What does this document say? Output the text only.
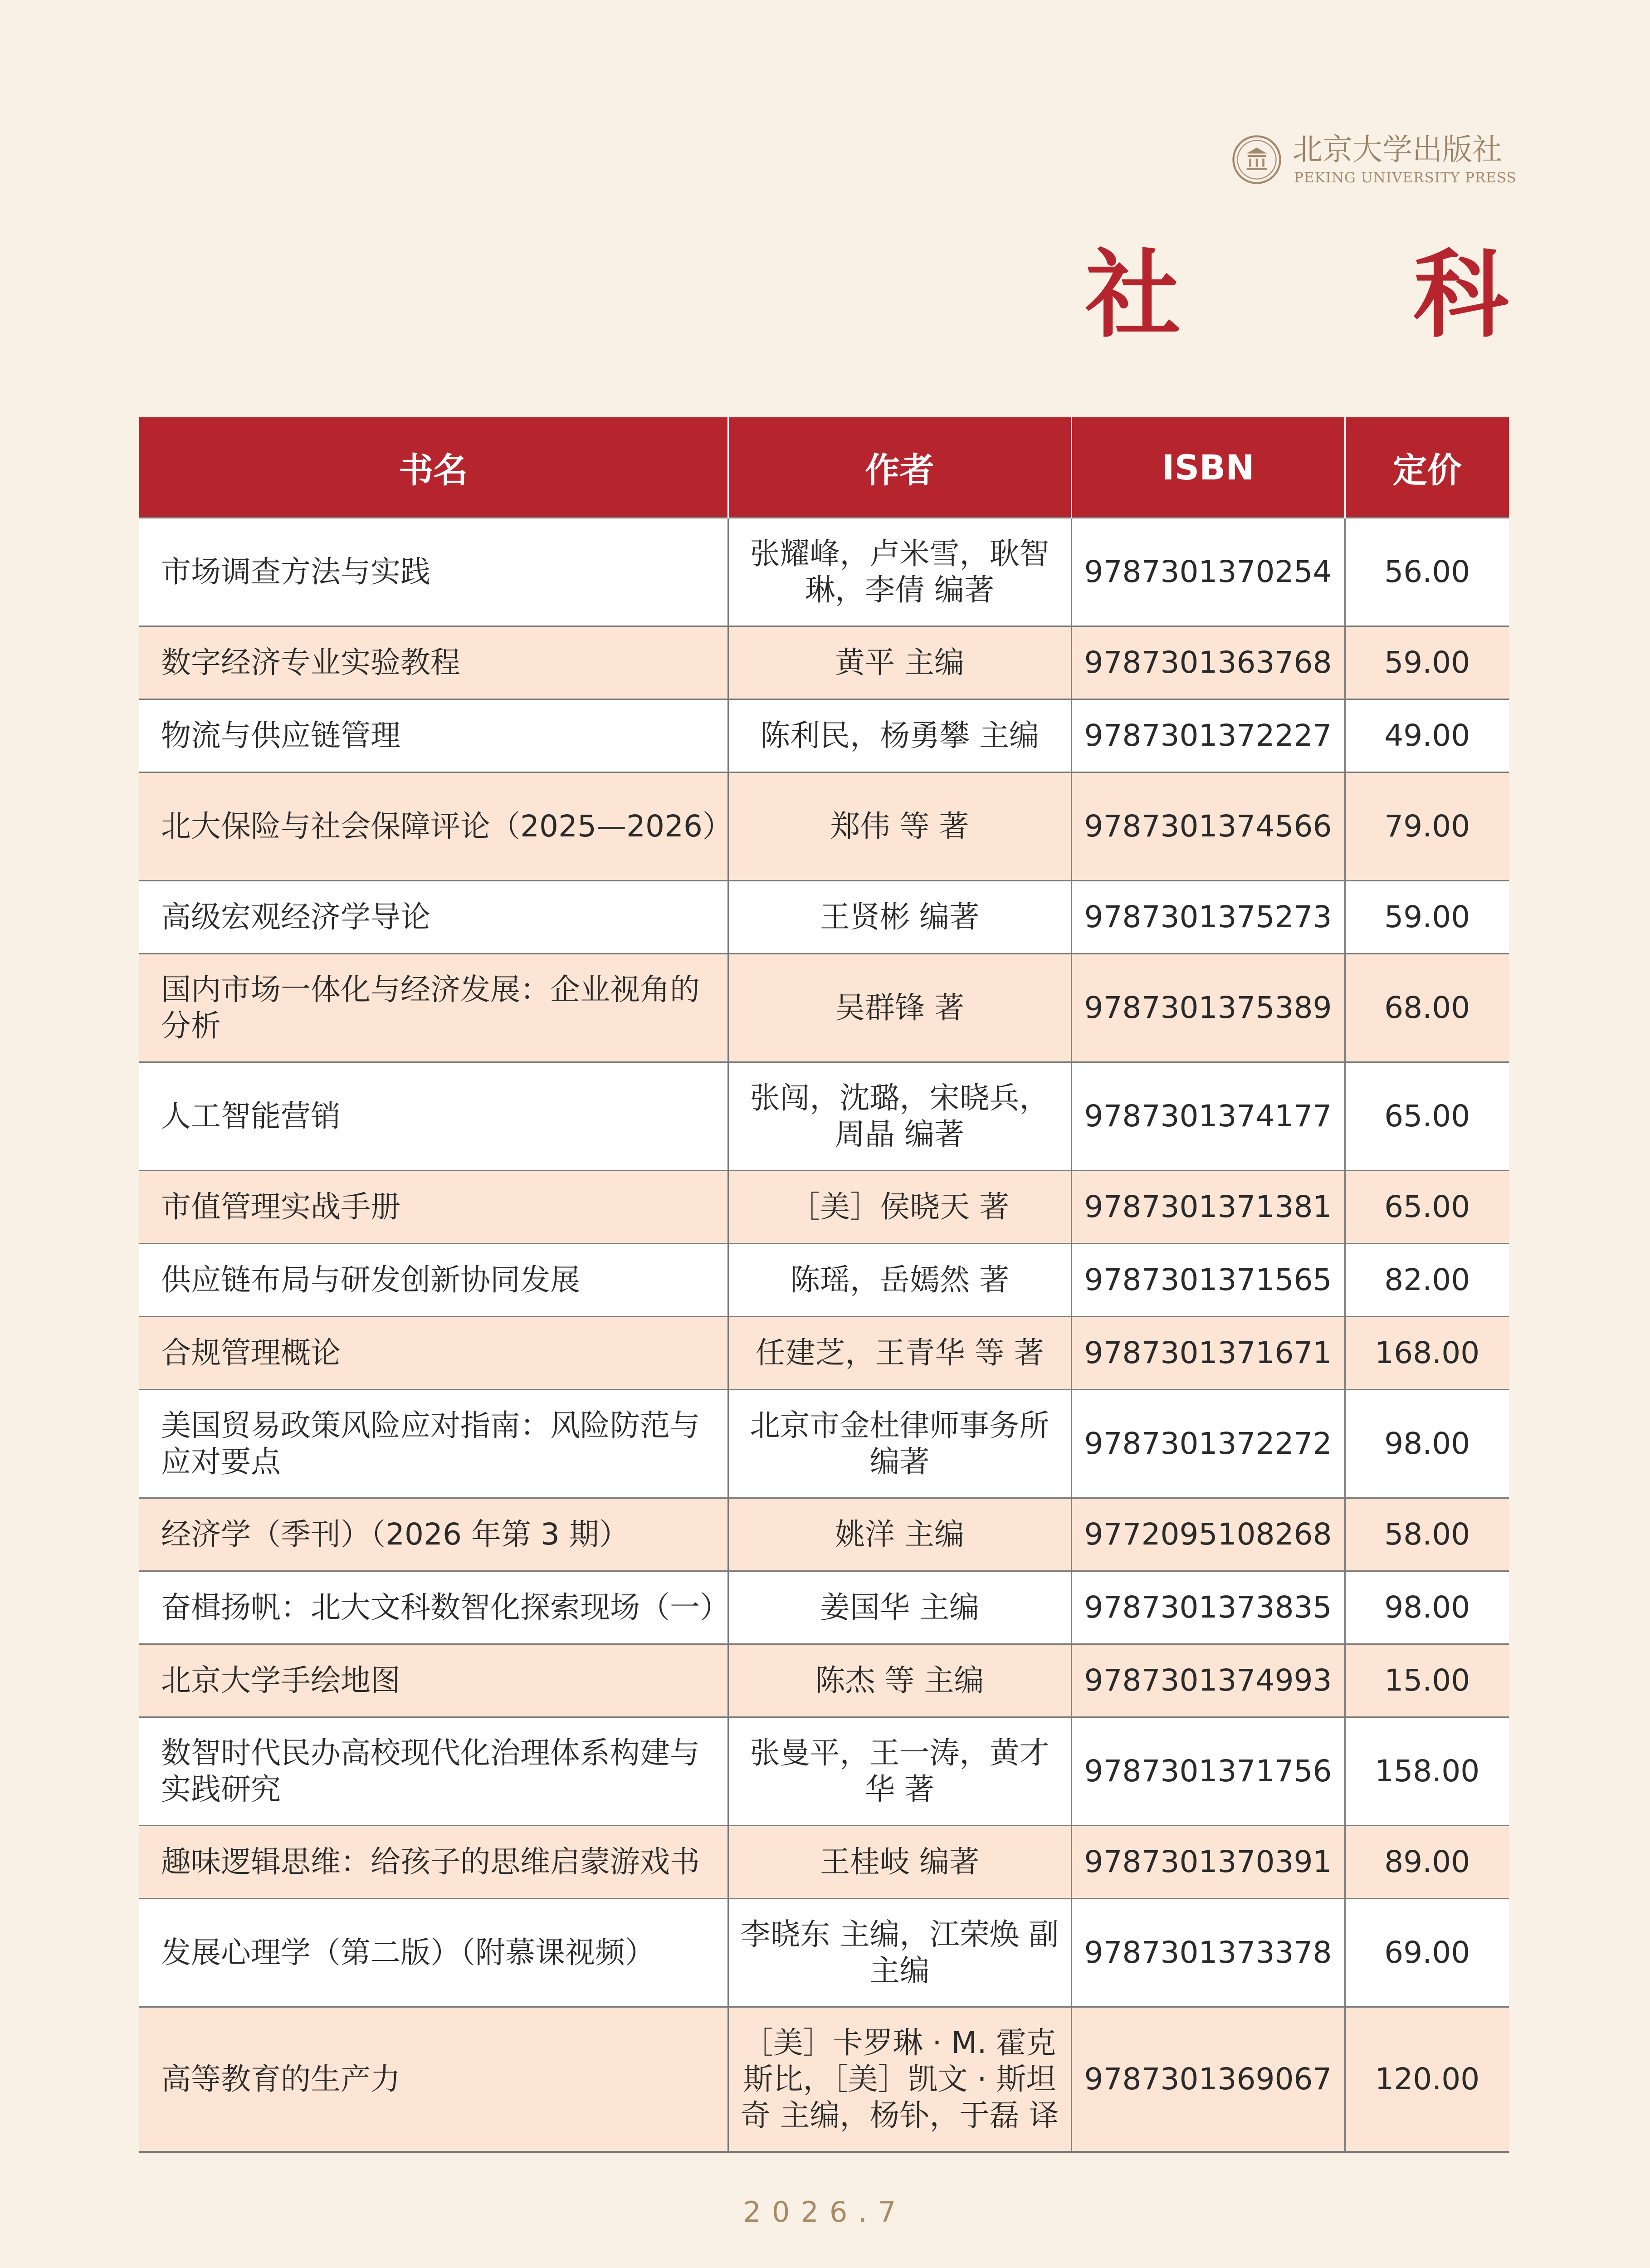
北京大学出版社
PEKING UNIVERSITY PRESS
社 科
书名	作者	ISBN	定价
市场调查方法与实践	张耀峰，卢米雪，耿智琳，李倩 编著	9787301370254	56.00
数字经济专业实验教程	黄平 主编	9787301363768	59.00
物流与供应链管理	陈利民，杨勇攀 主编	9787301372227	49.00
北大保险与社会保障评论（2025—2026）	郑伟 等 著	9787301374566	79.00
高级宏观经济学导论	王贤彬 编著	9787301375273	59.00
国内市场一体化与经济发展：企业视角的分析	吴群锋 著	9787301375389	68.00
人工智能营销	张闯，沈璐，宋晓兵，周晶 编著	9787301374177	65.00
市值管理实战手册	［美］侯晓天 著	9787301371381	65.00
供应链布局与研发创新协同发展	陈瑶，岳嫣然 著	9787301371565	82.00
合规管理概论	任建芝，王青华 等 著	9787301371671	168.00
美国贸易政策风险应对指南：风险防范与应对要点	北京市金杜律师事务所 编著	9787301372272	98.00
经济学（季刊）（2026 年第 3 期）	姚洋 主编	9772095108268	58.00
奋楫扬帆：北大文科数智化探索现场（一）	姜国华 主编	9787301373835	98.00
北京大学手绘地图	陈杰 等 主编	9787301374993	15.00
数智时代民办高校现代化治理体系构建与实践研究	张曼平，王一涛，黄才华 著	9787301371756	158.00
趣味逻辑思维：给孩子的思维启蒙游戏书	王桂岐 编著	9787301370391	89.00
发展心理学（第二版）（附慕课视频）	李晓东 主编，江荣焕 副主编	9787301373378	69.00
高等教育的生产力	［美］卡罗琳 · M. 霍克斯比，［美］凯文 · 斯坦奇 主编，杨钋，于磊 译	9787301369067	120.00
2026.7
